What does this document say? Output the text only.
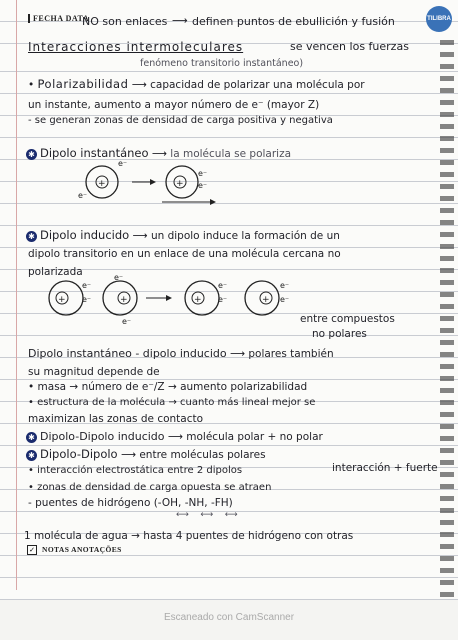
TILIBRA
FECHA DATA
NO son enlaces ⟶ definen puntos de ebullición y fusión
Interacciones intermoleculares	se vencen los fuerzas
fenómeno transitorio instantáneo)
• Polarizabilidad ⟶ capacidad de polarizar una molécula por
un instante, aumento a mayor número de e⁻ (mayor Z)
- se generan zonas de densidad de carga positiva y negativa
✱ Dipolo instantáneo ⟶ la molécula se polariza
+
e⁻
e⁻
+
e⁻
e⁻
✱ Dipolo inducido ⟶ un dipolo induce la formación de un
dipolo transitorio en un enlace de una molécula cercana no
polarizada
+
e⁻
e⁻	+
e⁻
e⁻
+
e⁻
e⁻	+
e⁻
e⁻
entre compuestos
no polares
Dipolo instantáneo - dipolo inducido ⟶ polares también
su magnitud depende de
• masa → número de e⁻/Z → aumento polarizabilidad
• estructura de la molécula → cuanto más lineal mejor se
maximizan las zonas de contacto
✱ Dipolo-Dipolo inducido ⟶ molécula polar + no polar
✱ Dipolo-Dipolo ⟶ entre moléculas polares
• interacción electrostática entre 2 dipolos	interacción + fuerte
• zonas de densidad de carga opuesta se atraen
- puentes de hidrógeno (-OH, -NH, -FH)
⟷    ⟷    ⟷
1 molécula de agua → hasta 4 puentes de hidrógeno con otras
✓ NOTAS ANOTAÇÕES
Escaneado con CamScanner
